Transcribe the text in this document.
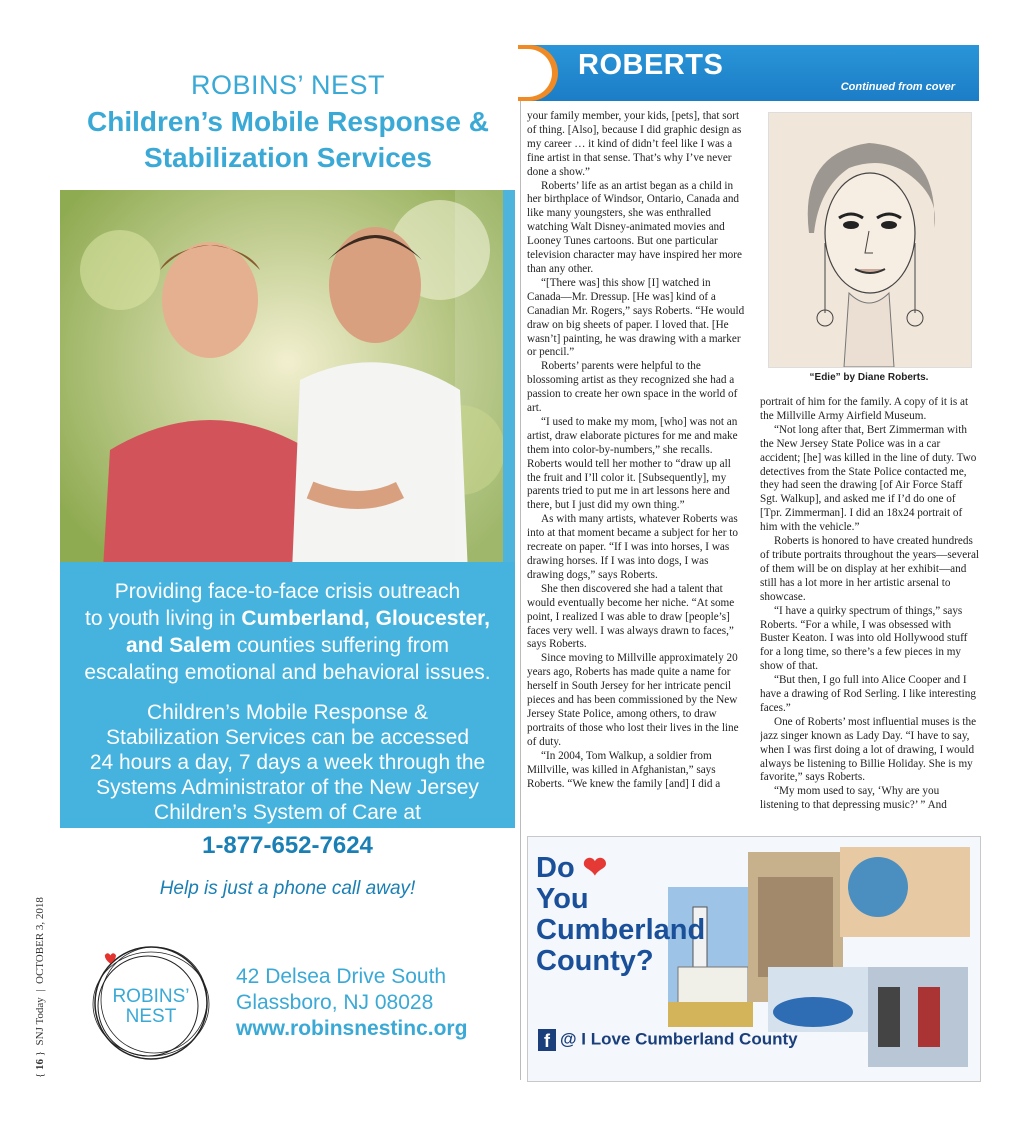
ROBINS’ NEST
Children’s Mobile Response &
Stabilization Services
Providing face-to-face crisis outreach
to youth living in Cumberland, Gloucester,
and Salem counties suffering from
escalating emotional and behavioral issues.
Children’s Mobile Response &
Stabilization Services can be accessed
24 hours a day, 7 days a week through the
Systems Administrator of the New Jersey
Children’s System of Care at
1-877-652-7624
Help is just a phone call away!
ROBINS’
NEST
42 Delsea Drive South
Glassboro, NJ 08028
www.robinsnestinc.org
{ 16 }  SNJ Today  |  OCTOBER 3, 2018
ROBERTS
Continued from cover

your family member, your kids, [pets], that sort of thing. [Also], because I did graphic design as my career … it kind of didn’t feel like I was a fine artist in that sense. That’s why I’ve never done a show.”

Roberts’ life as an artist began as a child in her birthplace of Windsor, Ontario, Canada and like many youngsters, she was enthralled watching Walt Disney-animated movies and Looney Tunes cartoons. But one particular television character may have inspired her more than any other.

“[There was] this show [I] watched in Canada—Mr. Dressup. [He was] kind of a Canadian Mr. Rogers,” says Roberts. “He would draw on big sheets of paper. I loved that. [He wasn’t] painting, he was drawing with a marker or pencil.”

Roberts’ parents were helpful to the blossoming artist as they recognized she had a passion to create her own space in the world of art.

“I used to make my mom, [who] was not an artist, draw elaborate pictures for me and make them into color-by-numbers,” she recalls. Roberts would tell her mother to “draw up all the fruit and I’ll color it. [Subsequently], my parents tried to put me in art lessons here and there, but I just did my own thing.”

As with many artists, whatever Roberts was into at that moment became a subject for her to recreate on paper. “If I was into horses, I was drawing horses. If I was into dogs, I was drawing dogs,” says Roberts.

She then discovered she had a talent that would eventually become her niche. “At some point, I realized I was able to draw [people’s] faces very well. I was always drawn to faces,” says Roberts.

Since moving to Millville approximately 20 years ago, Roberts has made quite a name for herself in South Jersey for her intricate pencil pieces and has been commissioned by the New Jersey State Police, among others, to draw portraits of those who lost their lives in the line of duty.

“In 2004, Tom Walkup, a soldier from Millville, was killed in Afghanistan,” says Roberts. “We knew the family [and] I did a

“Edie” by Diane Roberts.

portrait of him for the family. A copy of it is at the Millville Army Airfield Museum.

“Not long after that, Bert Zimmerman with the New Jersey State Police was in a car accident; [he] was killed in the line of duty. Two detectives from the State Police contacted me, they had seen the drawing [of Air Force Staff Sgt. Walkup], and asked me if I’d do one of [Tpr. Zimmerman]. I did an 18x24 portrait of him with the vehicle.”

Roberts is honored to have created hundreds of tribute portraits throughout the years—several of them will be on display at her exhibit—and still has a lot more in her artistic arsenal to showcase.

“I have a quirky spectrum of things,” says Roberts. “For a while, I was obsessed with Buster Keaton. I was into old Hollywood stuff for a long time, so there’s a few pieces in my show of that.

“But then, I go full into Alice Cooper and I have a drawing of Rod Serling. I like interesting faces.”

One of Roberts’ most influential muses is the jazz singer known as Lady Day. “I have to say, when I was first doing a lot of drawing, I would always be listening to Billie Holiday. She is my favorite,” says Roberts.

“My mom used to say, ‘Why are you listening to that depressing music?’ ” And

Do ❤
You
Cumberland
County?
f @ I Love Cumberland County
